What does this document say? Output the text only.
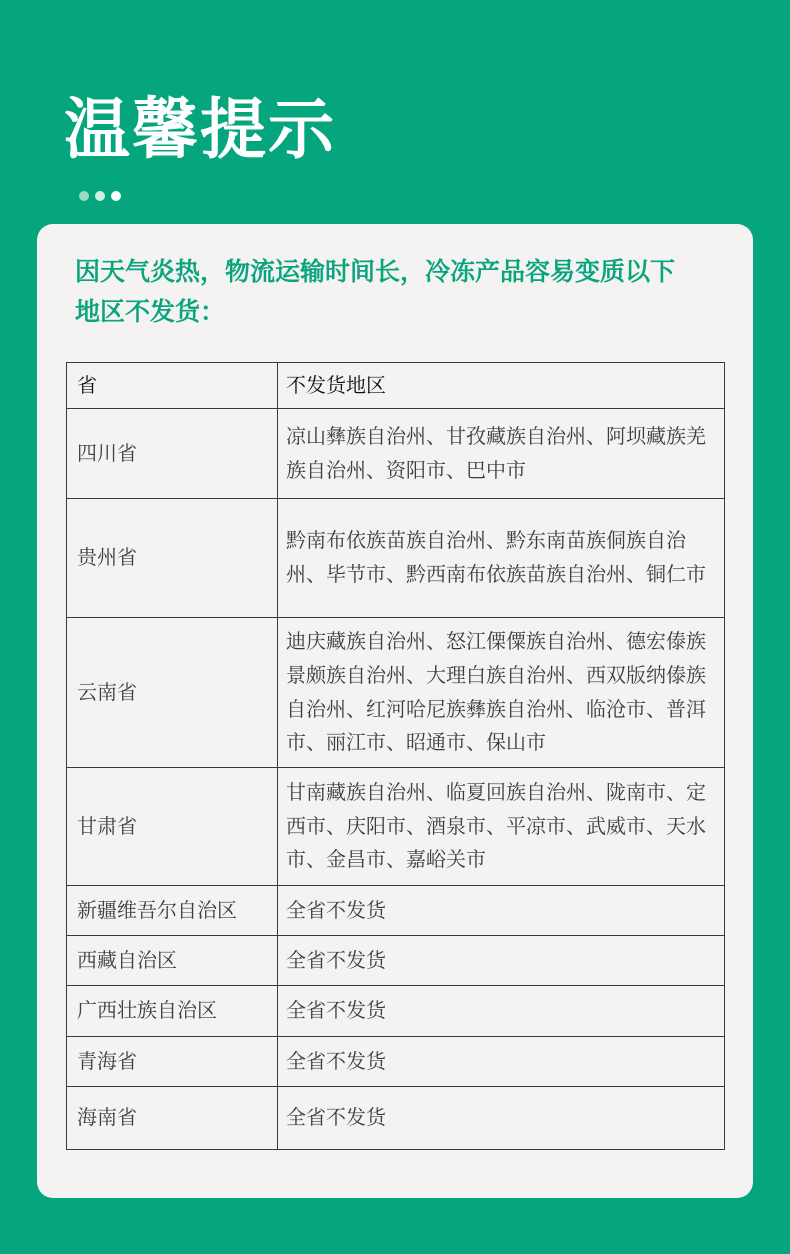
温馨提示
因天气炎热，物流运输时间长，冷冻产品容易变质以下地区不发货：
省	不发货地区
四川省	凉山彝族自治州、甘孜藏族自治州、阿坝藏族羌族自治州、资阳市、巴中市
贵州省	黔南布依族苗族自治州、黔东南苗族侗族自治州、毕节市、黔西南布依族苗族自治州、铜仁市
云南省	迪庆藏族自治州、怒江傈僳族自治州、德宏傣族景颇族自治州、大理白族自治州、西双版纳傣族自治州、红河哈尼族彝族自治州、临沧市、普洱市、丽江市、昭通市、保山市
甘肃省	甘南藏族自治州、临夏回族自治州、陇南市、定西市、庆阳市、酒泉市、平凉市、武威市、天水市、金昌市、嘉峪关市
新疆维吾尔自治区	全省不发货
西藏自治区	全省不发货
广西壮族自治区	全省不发货
青海省	全省不发货
海南省	全省不发货
